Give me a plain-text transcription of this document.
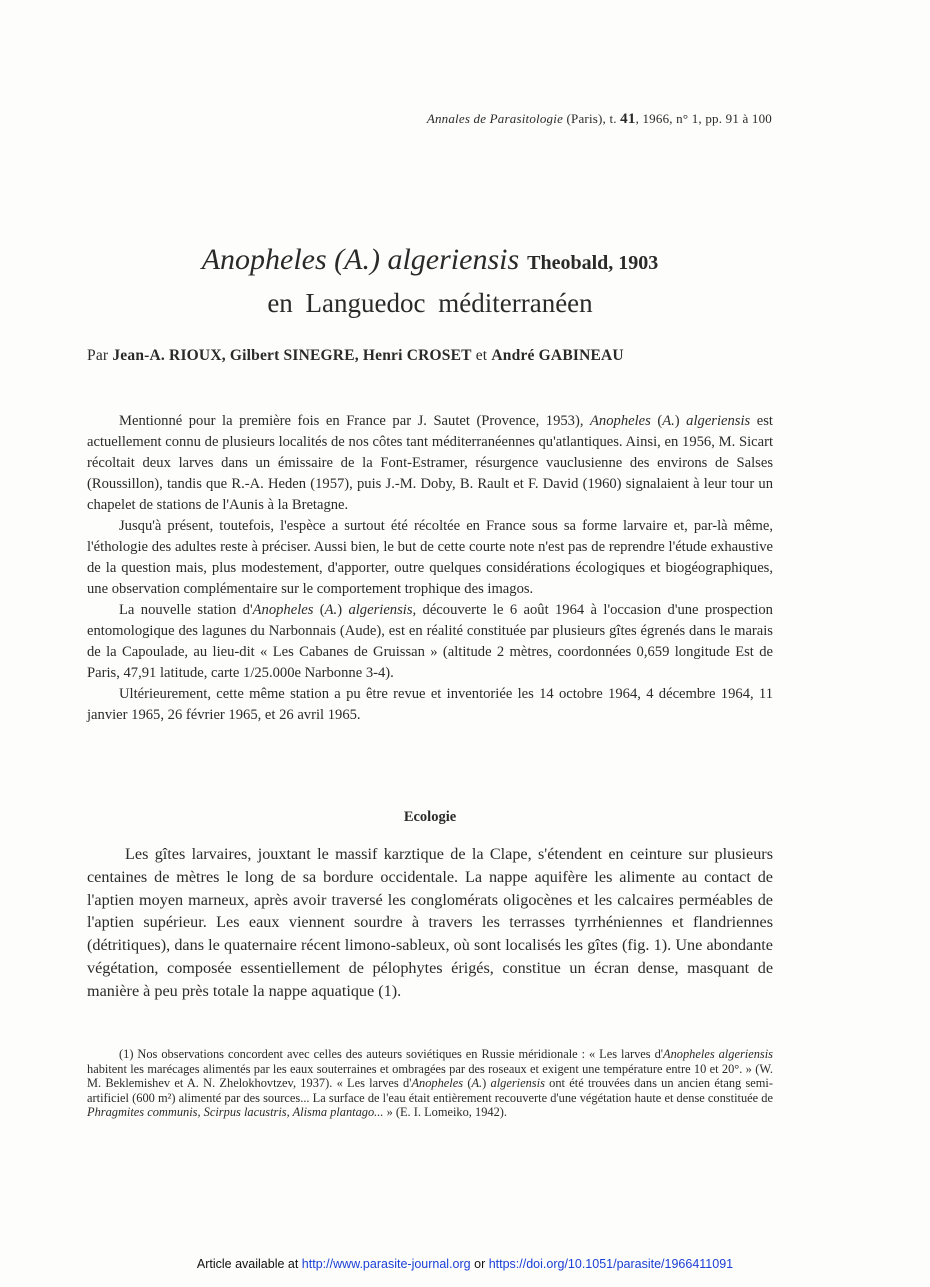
Annales de Parasitologie (Paris), t. 41, 1966, n° 1, pp. 91 à 100
Anopheles (A.) algeriensis Theobald, 1903
en Languedoc méditerranéen
Par Jean-A. RIOUX, Gilbert SINEGRE, Henri CROSET et André GABINEAU

Mentionné pour la première fois en France par J. Sautet (Provence, 1953), Anopheles (A.) algeriensis est actuellement connu de plusieurs localités de nos côtes tant méditerranéennes qu'atlantiques. Ainsi, en 1956, M. Sicart récoltait deux larves dans un émissaire de la Font-Estramer, résurgence vauclusienne des environs de Salses (Roussillon), tandis que R.-A. Heden (1957), puis J.-M. Doby, B. Rault et F. David (1960) signalaient à leur tour un chapelet de stations de l'Aunis à la Bretagne.

Jusqu'à présent, toutefois, l'espèce a surtout été récoltée en France sous sa forme larvaire et, par-là même, l'éthologie des adultes reste à préciser. Aussi bien, le but de cette courte note n'est pas de reprendre l'étude exhaustive de la question mais, plus modestement, d'apporter, outre quelques considérations écologiques et biogéographiques, une observation complémentaire sur le comportement trophique des imagos.

La nouvelle station d'Anopheles (A.) algeriensis, découverte le 6 août 1964 à l'occasion d'une prospection entomologique des lagunes du Narbonnais (Aude), est en réalité constituée par plusieurs gîtes égrenés dans le marais de la Capoulade, au lieu-dit « Les Cabanes de Gruissan » (altitude 2 mètres, coordonnées 0,659 longitude Est de Paris, 47,91 latitude, carte 1/25.000e Narbonne 3-4).

Ultérieurement, cette même station a pu être revue et inventoriée les 14 octobre 1964, 4 décembre 1964, 11 janvier 1965, 26 février 1965, et 26 avril 1965.

Ecologie

Les gîtes larvaires, jouxtant le massif karztique de la Clape, s'étendent en ceinture sur plusieurs centaines de mètres le long de sa bordure occidentale. La nappe aquifère les alimente au contact de l'aptien moyen marneux, après avoir traversé les conglomérats oligocènes et les calcaires perméables de l'aptien supérieur. Les eaux viennent sourdre à travers les terrasses tyrrhéniennes et flandriennes (détritiques), dans le quaternaire récent limono-sableux, où sont localisés les gîtes (fig. 1). Une abondante végétation, composée essentiellement de pélophytes érigés, constitue un écran dense, masquant de manière à peu près totale la nappe aquatique (1).

(1) Nos observations concordent avec celles des auteurs soviétiques en Russie méridionale : « Les larves d'Anopheles algeriensis habitent les marécages alimentés par les eaux souterraines et ombragées par des roseaux et exigent une température entre 10 et 20°. » (W. M. Beklemishev et A. N. Zhelokhovtzev, 1937). « Les larves d'Anopheles (A.) algeriensis ont été trouvées dans un ancien étang semi-artificiel (600 m²) alimenté par des sources... La surface de l'eau était entièrement recouverte d'une végétation haute et dense constituée de Phragmites communis, Scirpus lacustris, Alisma plantago... » (E. I. Lomeiko, 1942).

Article available at http://www.parasite-journal.org or https://doi.org/10.1051/parasite/1966411091
